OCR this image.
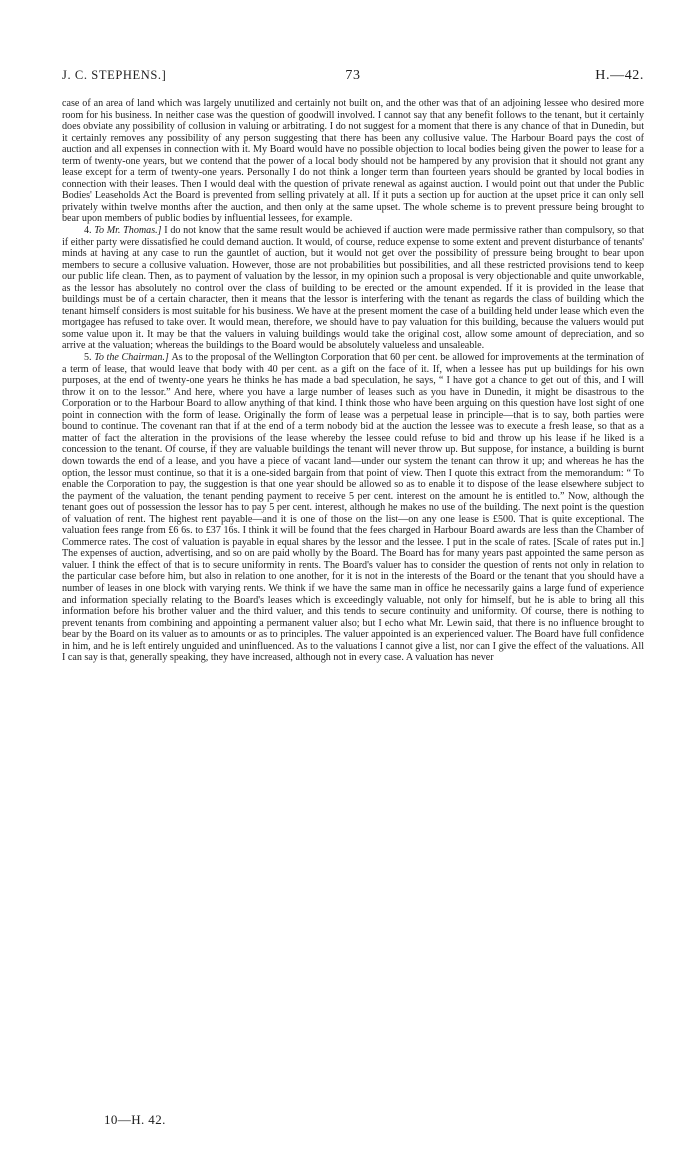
J. C. STEPHENS.]	73	H.—42.

case of an area of land which was largely unutilized and certainly not built on, and the other was that of an adjoining lessee who desired more room for his business. In neither case was the question of goodwill involved. I cannot say that any benefit follows to the tenant, but it certainly does obviate any possibility of collusion in valuing or arbitrating. I do not suggest for a moment that there is any chance of that in Dunedin, but it certainly removes any possibility of any person suggesting that there has been any collusive value. The Harbour Board pays the cost of auction and all expenses in connection with it. My Board would have no possible objection to local bodies being given the power to lease for a term of twenty-one years, but we contend that the power of a local body should not be hampered by any provision that it should not grant any lease except for a term of twenty-one years. Personally I do not think a longer term than fourteen years should be granted by local bodies in connection with their leases. Then I would deal with the question of private renewal as against auction. I would point out that under the Public Bodies' Leaseholds Act the Board is prevented from selling privately at all. If it puts a section up for auction at the upset price it can only sell privately within twelve months after the auction, and then only at the same upset. The whole scheme is to prevent pressure being brought to bear upon members of public bodies by influential lessees, for example.

4. To Mr. Thomas.] I do not know that the same result would be achieved if auction were made permissive rather than compulsory, so that if either party were dissatisfied he could demand auction. It would, of course, reduce expense to some extent and prevent disturbance of tenants' minds at having at any case to run the gauntlet of auction, but it would not get over the possibility of pressure being brought to bear upon members to secure a collusive valuation. However, those are not probabilities but possibilities, and all these restricted provisions tend to keep our public life clean. Then, as to payment of valuation by the lessor, in my opinion such a proposal is very objectionable and quite unworkable, as the lessor has absolutely no control over the class of building to be erected or the amount expended. If it is provided in the lease that buildings must be of a certain character, then it means that the lessor is interfering with the tenant as regards the class of building which the tenant himself considers is most suitable for his business. We have at the present moment the case of a building held under lease which even the mortgagee has refused to take over. It would mean, therefore, we should have to pay valuation for this building, because the valuers would put some value upon it. It may be that the valuers in valuing buildings would take the original cost, allow some amount of depreciation, and so arrive at the valuation; whereas the buildings to the Board would be absolutely valueless and unsaleable.

5. To the Chairman.] As to the proposal of the Wellington Corporation that 60 per cent. be allowed for improvements at the termination of a term of lease, that would leave that body with 40 per cent. as a gift on the face of it. If, when a lessee has put up buildings for his own purposes, at the end of twenty-one years he thinks he has made a bad speculation, he says, “ I have got a chance to get out of this, and I will throw it on to the lessor.” And here, where you have a large number of leases such as you have in Dunedin, it might be disastrous to the Corporation or to the Harbour Board to allow anything of that kind. I think those who have been arguing on this question have lost sight of one point in connection with the form of lease. Originally the form of lease was a perpetual lease in principle—that is to say, both parties were bound to continue. The covenant ran that if at the end of a term nobody bid at the auction the lessee was to execute a fresh lease, so that as a matter of fact the alteration in the provisions of the lease whereby the lessee could refuse to bid and throw up his lease if he liked is a concession to the tenant. Of course, if they are valuable buildings the tenant will never throw up. But suppose, for instance, a building is burnt down towards the end of a lease, and you have a piece of vacant land—under our system the tenant can throw it up; and whereas he has the option, the lessor must continue, so that it is a one-sided bargain from that point of view. Then I quote this extract from the memorandum: “ To enable the Corporation to pay, the suggestion is that one year should be allowed so as to enable it to dispose of the lease elsewhere subject to the payment of the valuation, the tenant pending payment to receive 5 per cent. interest on the amount he is entitled to.” Now, although the tenant goes out of possession the lessor has to pay 5 per cent. interest, although he makes no use of the building. The next point is the question of valuation of rent. The highest rent payable—and it is one of those on the list—on any one lease is £500. That is quite exceptional. The valuation fees range from £6 6s. to £37 16s. I think it will be found that the fees charged in Harbour Board awards are less than the Chamber of Commerce rates. The cost of valuation is payable in equal shares by the lessor and the lessee. I put in the scale of rates. [Scale of rates put in.] The expenses of auction, advertising, and so on are paid wholly by the Board. The Board has for many years past appointed the same person as valuer. I think the effect of that is to secure uniformity in rents. The Board's valuer has to consider the question of rents not only in relation to the particular case before him, but also in relation to one another, for it is not in the interests of the Board or the tenant that you should have a number of leases in one block with varying rents. We think if we have the same man in office he necessarily gains a large fund of experience and information specially relating to the Board's leases which is exceedingly valuable, not only for himself, but he is able to bring all this information before his brother valuer and the third valuer, and this tends to secure continuity and uniformity. Of course, there is nothing to prevent tenants from combining and appointing a permanent valuer also; but I echo what Mr. Lewin said, that there is no influence brought to bear by the Board on its valuer as to amounts or as to principles. The valuer appointed is an experienced valuer. The Board have full confidence in him, and he is left entirely unguided and uninfluenced. As to the valuations I cannot give a list, nor can I give the effect of the valuations. All I can say is that, generally speaking, they have increased, although not in every case. A valuation has never

10—H. 42.
